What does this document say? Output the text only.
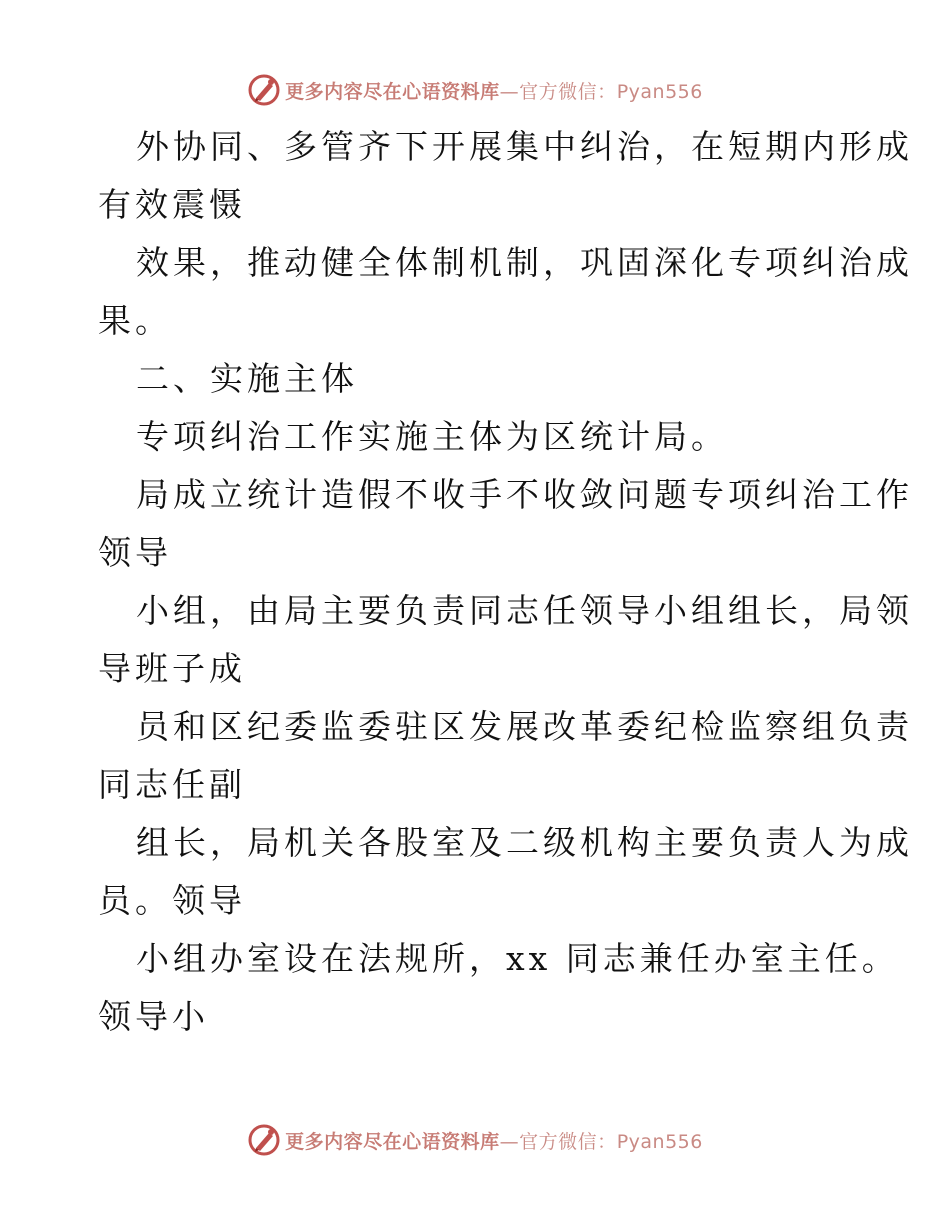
更多内容尽在心语资料库—官方微信：Pyan556
外协同、多管齐下开展集中纠治，在短期内形成
有效震慑
效果，推动健全体制机制，巩固深化专项纠治成
果。
二、实施主体
专项纠治工作实施主体为区统计局。
局成立统计造假不收手不收敛问题专项纠治工作
领导
小组，由局主要负责同志任领导小组组长，局领
导班子成
员和区纪委监委驻区发展改革委纪检监察组负责
同志任副
组长，局机关各股室及二级机构主要负责人为成
员。领导
小组办室设在法规所，xx 同志兼任办室主任。
领导小
更多内容尽在心语资料库—官方微信：Pyan556
